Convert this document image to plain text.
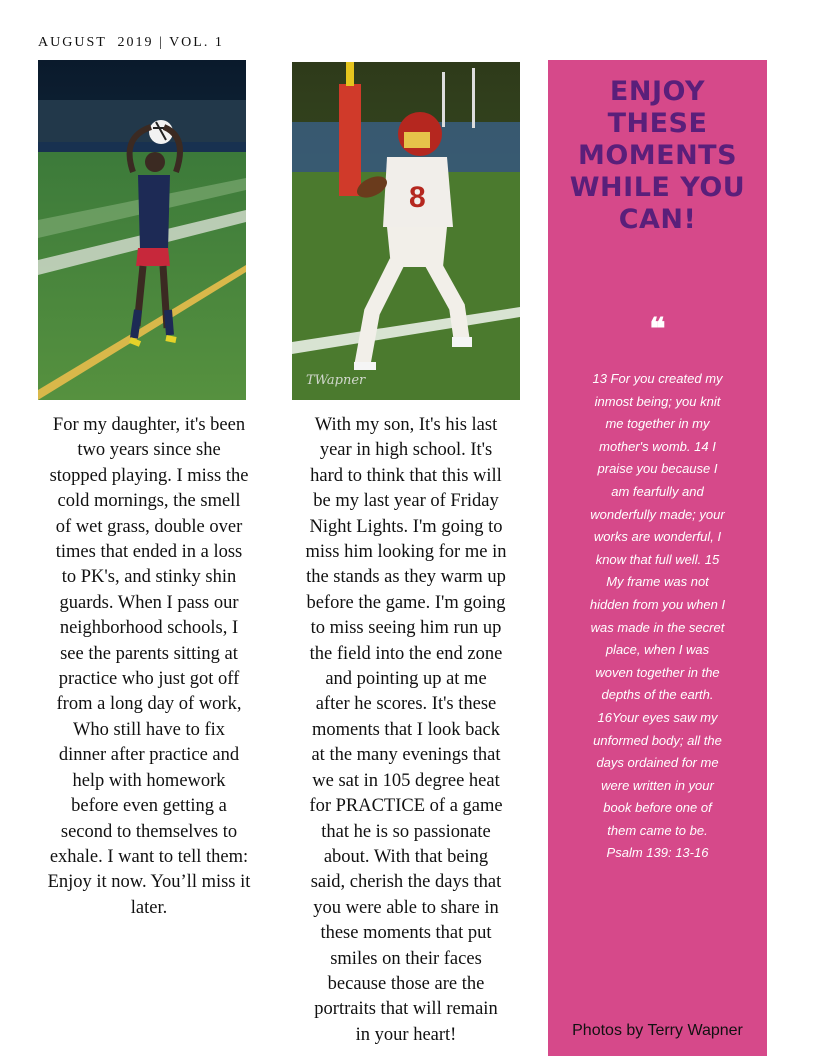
AUGUST  2019 | VOL. 1
8
TWapner
For my daughter, it's been
two years since she
stopped playing. I miss the
cold mornings, the smell
of wet grass, double over
times that ended in a loss
to PK's, and stinky shin
guards. When I pass our
neighborhood schools, I
see the parents sitting at
practice who just got off
from a long day of work,
Who still have to fix
dinner after practice and
help with homework
before even getting a
second to themselves to
exhale. I want to tell them:
Enjoy it now. You’ll miss it
later.
With my son, It's his last
year in high school. It's
hard to think that this will
be my last year of Friday
Night Lights. I'm going to
miss him looking for me in
the stands as they warm up
before the game. I'm going
to miss seeing him run up
the field into the end zone
and pointing up at me
after he scores. It's these
moments that I look back
at the many evenings that
we sat in 105 degree heat
for PRACTICE of a game
that he is so passionate
about. With that being
said, cherish the days that
you were able to share in
these moments that put
smiles on their faces
because those are the
portraits that will remain
in your heart!
ENJOY
THESE
MOMENTS
WHILE YOU
CAN!
❝
13 For you created my
inmost being; you knit
me together in my
mother's womb. 14 I
praise you because I
am fearfully and
wonderfully made; your
works are wonderful, I
know that full well. 15
My frame was not
hidden from you when I
was made in the secret
place, when I was
woven together in the
depths of the earth.
16Your eyes saw my
unformed body; all the
days ordained for me
were written in your
book before one of
them came to be.
Psalm 139: 13-16
Photos by Terry Wapner
